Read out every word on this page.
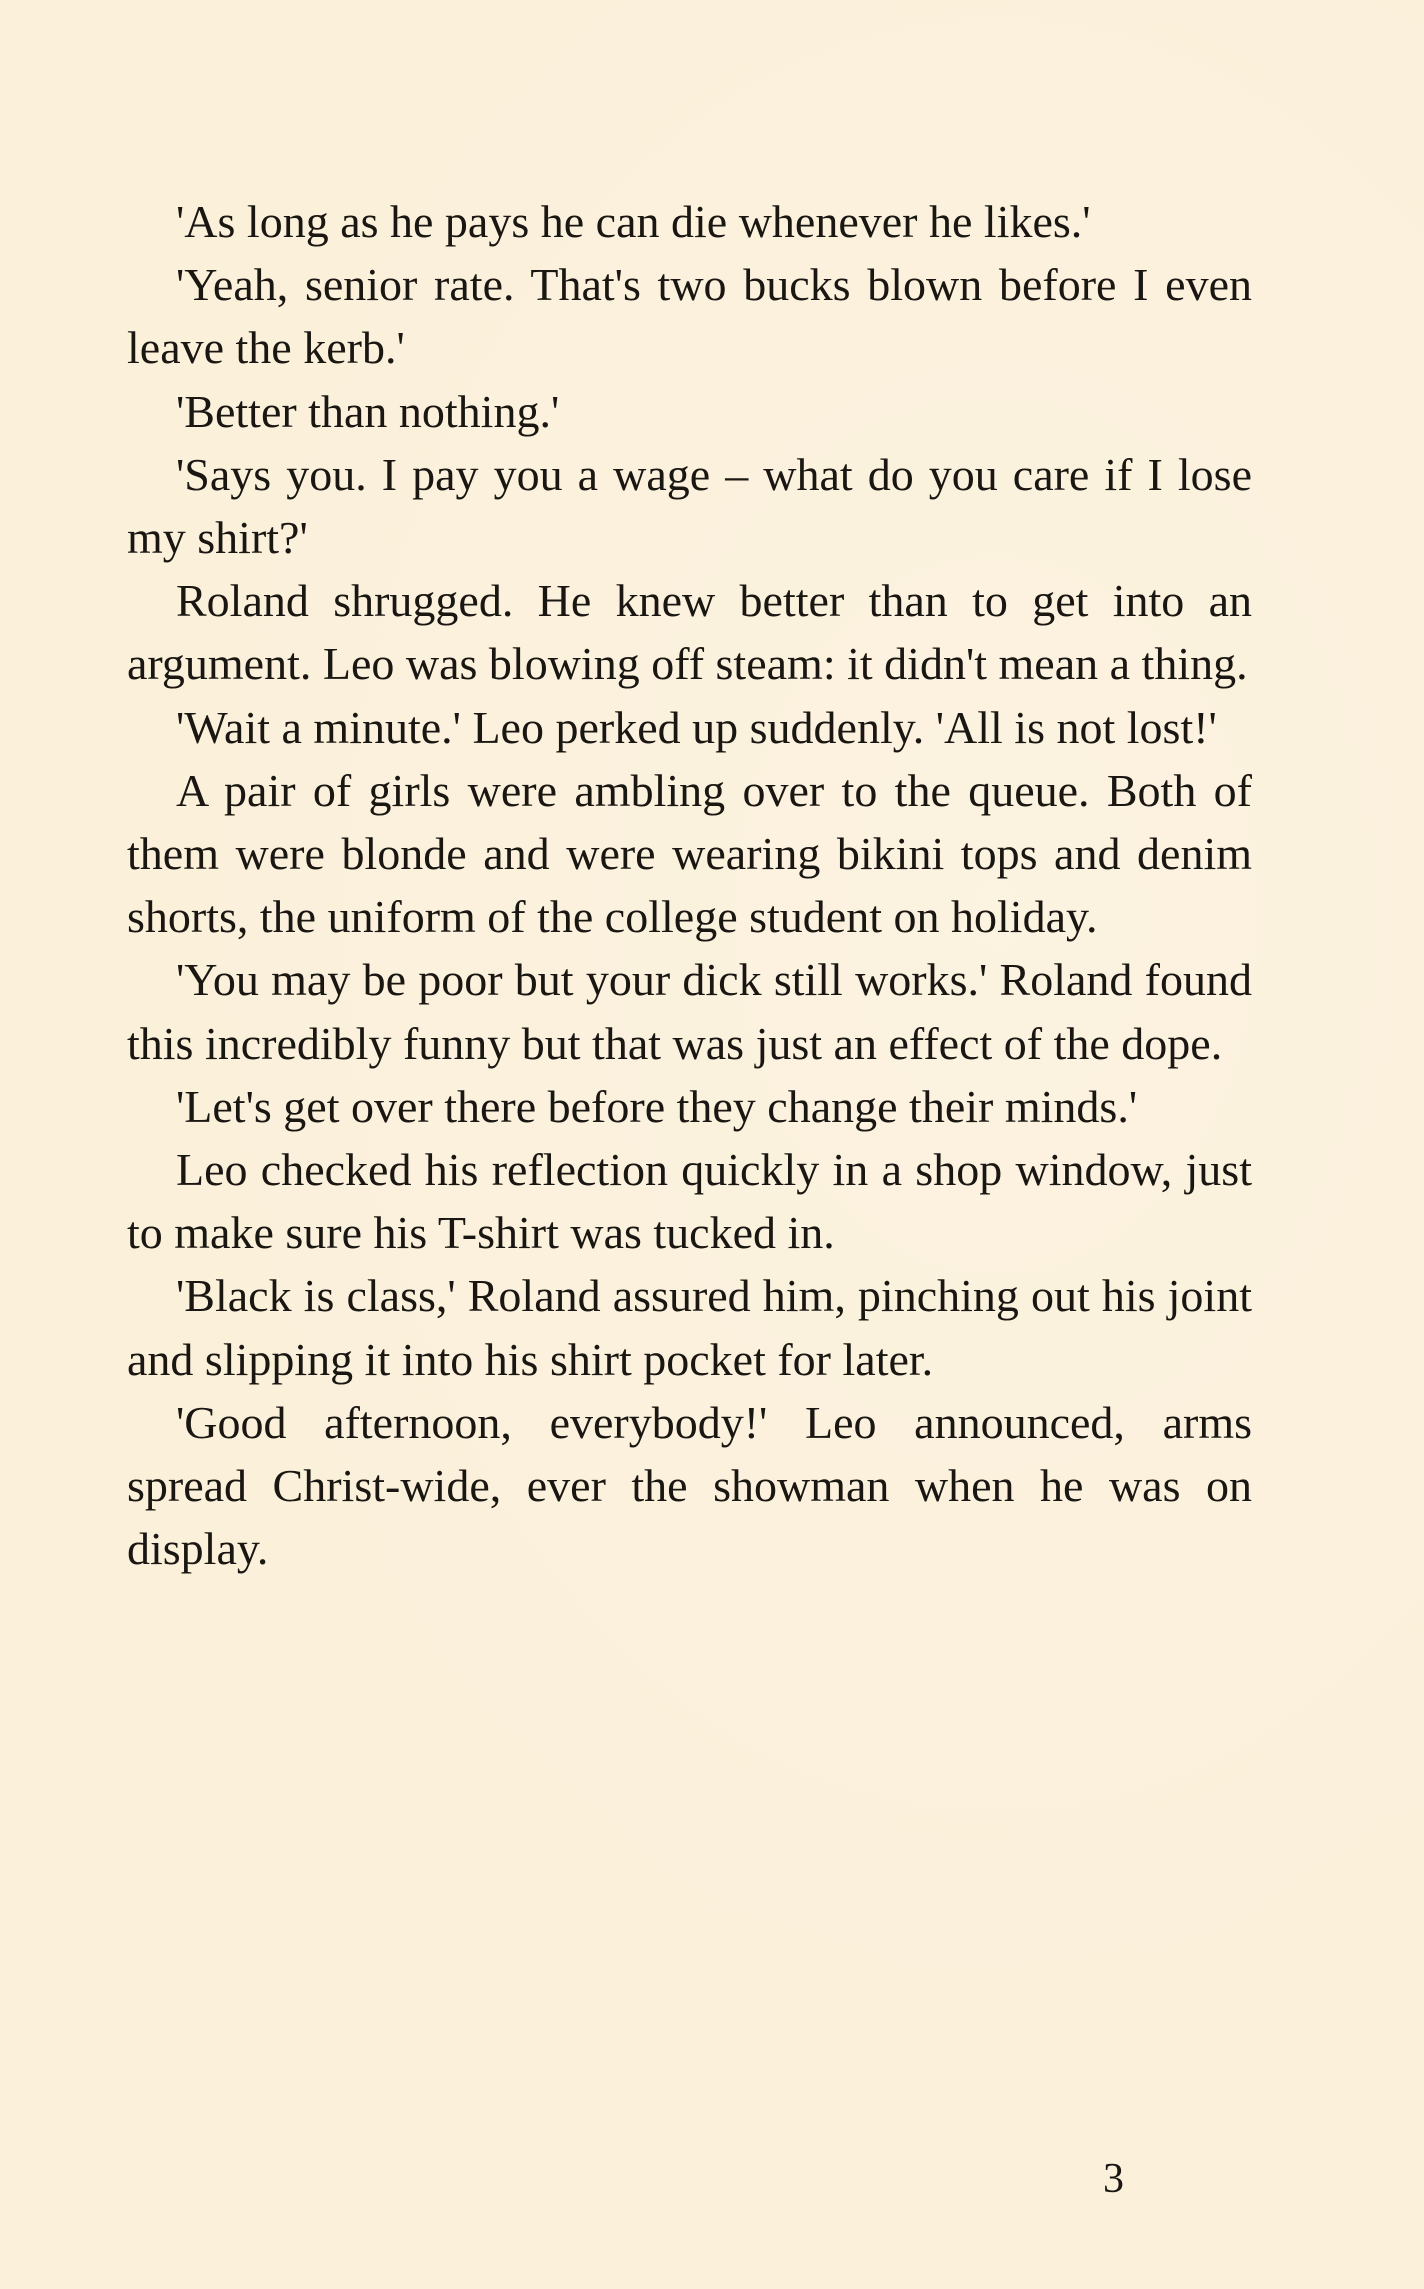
'As long as he pays he can die whenever he likes.'

'Yeah, senior rate. That's two bucks blown before I even leave the kerb.'

'Better than nothing.'

'Says you. I pay you a wage – what do you care if I lose my shirt?'

Roland shrugged. He knew better than to get into an argument. Leo was blowing off steam: it didn't mean a thing.

'Wait a minute.' Leo perked up suddenly. 'All is not lost!'

A pair of girls were ambling over to the queue. Both of them were blonde and were wearing bikini tops and denim shorts, the uniform of the college student on holiday.

'You may be poor but your dick still works.' Roland found this incredibly funny but that was just an effect of the dope.

'Let's get over there before they change their minds.'

Leo checked his reflection quickly in a shop window, just to make sure his T-shirt was tucked in.

'Black is class,' Roland assured him, pinching out his joint and slipping it into his shirt pocket for later.

'Good afternoon, everybody!' Leo announced, arms spread Christ-wide, ever the showman when he was on display.

3
